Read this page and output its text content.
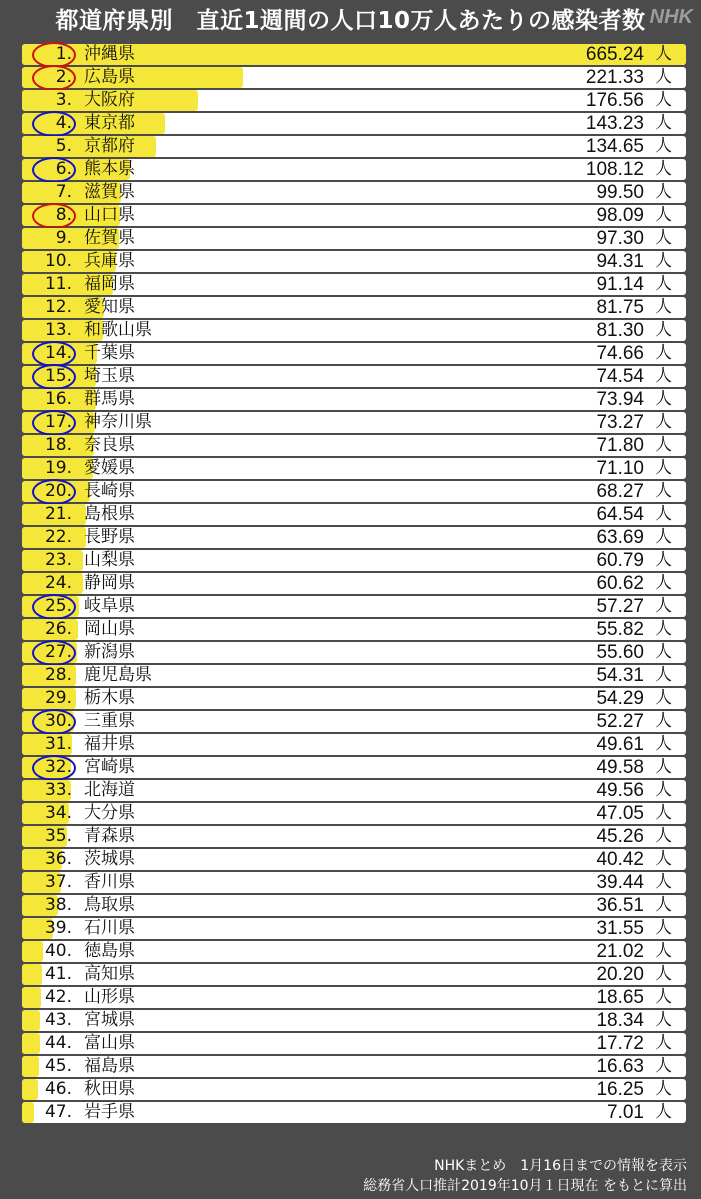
都道府県別　直近1週間の人口10万人あたりの感染者数 NHK
1. 沖縄県	665.24 人
2. 広島県	221.33 人
3. 大阪府	176.56 人
4. 東京都	143.23 人
5. 京都府	134.65 人
6. 熊本県	108.12 人
7. 滋賀県	99.50 人
8. 山口県	98.09 人
9. 佐賀県	97.30 人
10. 兵庫県	94.31 人
11. 福岡県	91.14 人
12. 愛知県	81.75 人
13. 和歌山県	81.30 人
14. 千葉県	74.66 人
15. 埼玉県	74.54 人
16. 群馬県	73.94 人
17. 神奈川県	73.27 人
18. 奈良県	71.80 人
19. 愛媛県	71.10 人
20. 長崎県	68.27 人
21. 島根県	64.54 人
22. 長野県	63.69 人
23. 山梨県	60.79 人
24. 静岡県	60.62 人
25. 岐阜県	57.27 人
26. 岡山県	55.82 人
27. 新潟県	55.60 人
28. 鹿児島県	54.31 人
29. 栃木県	54.29 人
30. 三重県	52.27 人
31. 福井県	49.61 人
32. 宮崎県	49.58 人
33. 北海道	49.56 人
34. 大分県	47.05 人
35. 青森県	45.26 人
36. 茨城県	40.42 人
37. 香川県	39.44 人
38. 鳥取県	36.51 人
39. 石川県	31.55 人
40. 徳島県	21.02 人
41. 高知県	20.20 人
42. 山形県	18.65 人
43. 宮城県	18.34 人
44. 富山県	17.72 人
45. 福島県	16.63 人
46. 秋田県	16.25 人
47. 岩手県	7.01 人
NHKまとめ　1月16日までの情報を表示
総務省人口推計2019年10月１日現在 をもとに算出
